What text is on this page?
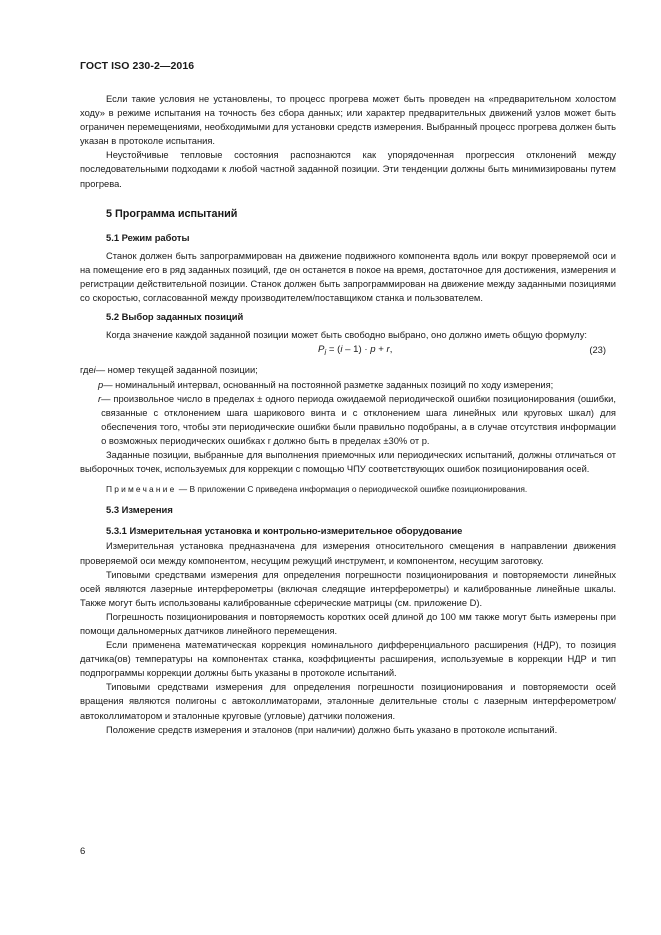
ГОСТ ISO 230-2—2016

Если такие условия не установлены, то процесс прогрева может быть проведен на «предварительном холостом ходу» в режиме испытания на точность без сбора данных; или характер предварительных движений узлов может быть ограничен перемещениями, необходимыми для установки средств измерения. Выбранный процесс прогрева должен быть указан в протоколе испытания.

Неустойчивые тепловые состояния распознаются как упорядоченная прогрессия отклонений между последовательными подходами к любой частной заданной позиции. Эти тенденции должны быть минимизированы путем прогрева.

5 Программа испытаний
5.1 Режим работы

Станок должен быть запрограммирован на движение подвижного компонента вдоль или вокруг проверяемой оси и на помещение его в ряд заданных позиций, где он останется в покое на время, достаточное для достижения, измерения и регистрации действительной позиции. Станок должен быть запрограммирован на движение между заданными позициями со скоростью, согласованной между производителем/поставщиком станка и пользователем.

5.2 Выбор заданных позиций

Когда значение каждой заданной позиции может быть свободно выбрано, оно должно иметь общую формулу:

$P_i = (i - 1) \cdot p + r$,	(23)
где i — номер текущей заданной позиции;
p — номинальный интервал, основанный на постоянной разметке заданных позиций по ходу измерения;
r — произвольное число в пределах ± одного периода ожидаемой периодической ошибки позиционирования (ошибки, связанные с отклонением шага шарикового винта и с отклонением шага линейных или круговых шкал) для обеспечения того, чтобы эти периодические ошибки были правильно подобраны, а в случае отсутствия информации о возможных периодических ошибках r должно быть в пределах ±30% от p.

Заданные позиции, выбранные для выполнения приемочных или периодических испытаний, должны отличаться от выборочных точек, используемых для коррекции с помощью ЧПУ соответствующих ошибок позиционирования осей.

Примечание — В приложении С приведена информация о периодической ошибке позиционирования.

5.3 Измерения
5.3.1 Измерительная установка и контрольно-измерительное оборудование

Измерительная установка предназначена для измерения относительного смещения в направлении движения проверяемой оси между компонентом, несущим режущий инструмент, и компонентом, несущим заготовку.

Типовыми средствами измерения для определения погрешности позиционирования и повторяемости линейных осей являются лазерные интерферометры (включая следящие интерферометры) и калиброванные линейные шкалы. Также могут быть использованы калиброванные сферические матрицы (см. приложение D).

Погрешность позиционирования и повторяемость коротких осей длиной до 100 мм также могут быть измерены при помощи дальномерных датчиков линейного перемещения.

Если применена математическая коррекция номинального дифференциального расширения (НДР), то позиция датчика(ов) температуры на компонентах станка, коэффициенты расширения, используемые в коррекции НДР и тип подпрограммы коррекции должны быть указаны в протоколе испытаний.

Типовыми средствами измерения для определения погрешности позиционирования и повторяемости осей вращения являются полигоны с автоколлиматорами, эталонные делительные столы с лазерным интерферометром/автоколлиматором и эталонные круговые (угловые) датчики положения.

Положение средств измерения и эталонов (при наличии) должно быть указано в протоколе испытаний.

6
